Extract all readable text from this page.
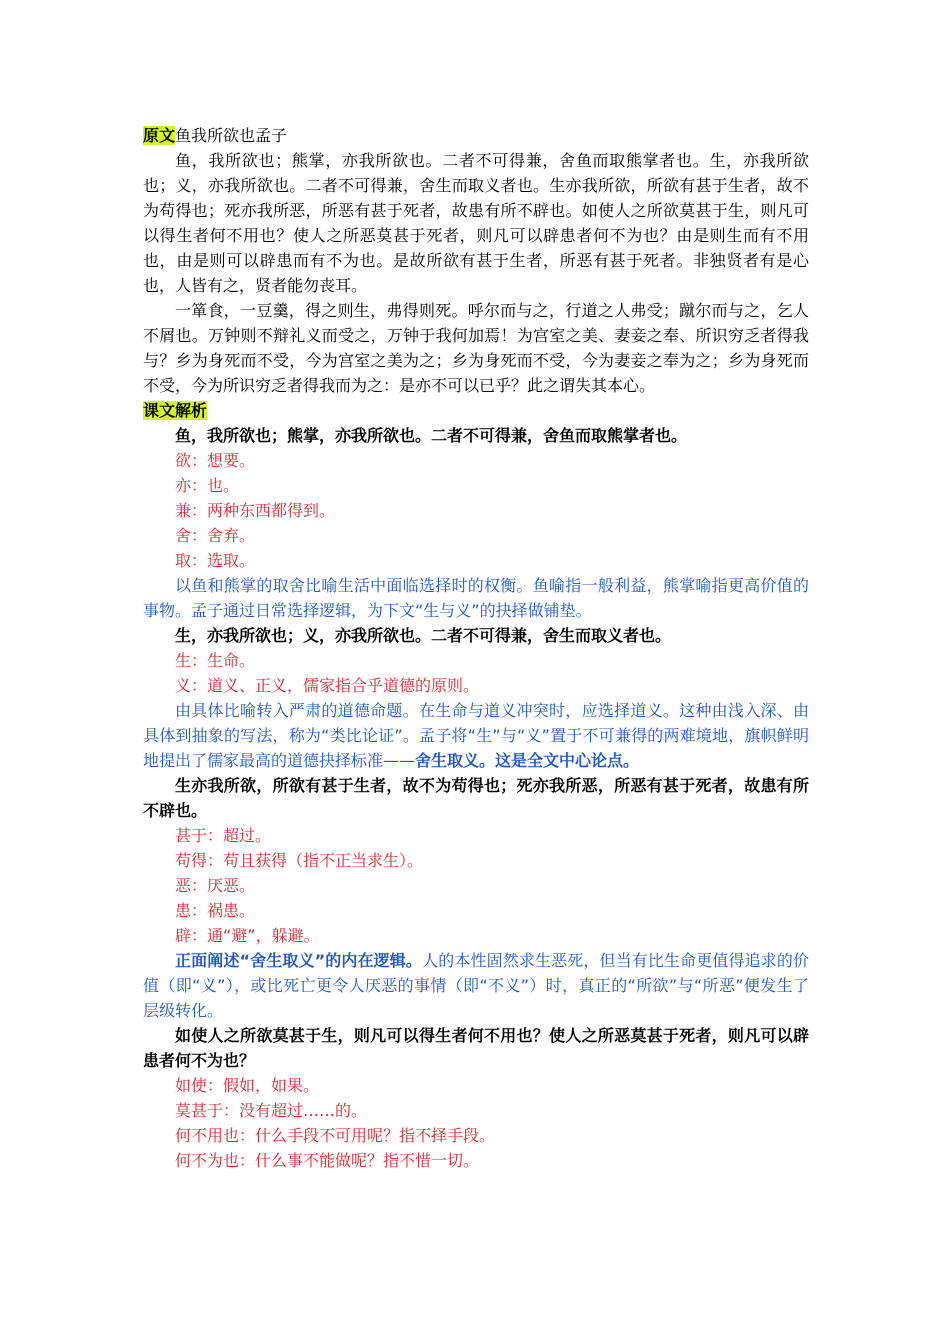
原文鱼我所欲也孟子

鱼，我所欲也；熊掌，亦我所欲也。二者不可得兼，舍鱼而取熊掌者也。生，亦我所欲也；义，亦我所欲也。二者不可得兼，舍生而取义者也。生亦我所欲，所欲有甚于生者，故不为苟得也；死亦我所恶，所恶有甚于死者，故患有所不辟也。如使人之所欲莫甚于生，则凡可以得生者何不用也？使人之所恶莫甚于死者，则凡可以辟患者何不为也？由是则生而有不用也，由是则可以辟患而有不为也。是故所欲有甚于生者，所恶有甚于死者。非独贤者有是心也，人皆有之，贤者能勿丧耳。

一箪食，一豆羹，得之则生，弗得则死。呼尔而与之，行道之人弗受；蹴尔而与之，乞人不屑也。万钟则不辩礼义而受之，万钟于我何加焉！为宫室之美、妻妾之奉、所识穷乏者得我与？乡为身死而不受，今为宫室之美为之；乡为身死而不受，今为妻妾之奉为之；乡为身死而不受，今为所识穷乏者得我而为之：是亦不可以已乎？此之谓失其本心。

课文解析

鱼，我所欲也；熊掌，亦我所欲也。二者不可得兼，舍鱼而取熊掌者也。

欲：想要。

亦：也。

兼：两种东西都得到。

舍：舍弃。

取：选取。

以鱼和熊掌的取舍比喻生活中面临选择时的权衡。鱼喻指一般利益，熊掌喻指更高价值的事物。孟子通过日常选择逻辑，为下文“生与义”的抉择做铺垫。

生，亦我所欲也；义，亦我所欲也。二者不可得兼，舍生而取义者也。

生：生命。

义：道义、正义，儒家指合乎道德的原则。

由具体比喻转入严肃的道德命题。在生命与道义冲突时，应选择道义。这种由浅入深、由具体到抽象的写法，称为“类比论证”。孟子将“生”与“义”置于不可兼得的两难境地，旗帜鲜明地提出了儒家最高的道德抉择标准——舍生取义。这是全文中心论点。

生亦我所欲，所欲有甚于生者，故不为苟得也；死亦我所恶，所恶有甚于死者，故患有所不辟也。

甚于：超过。

苟得：苟且获得（指不正当求生）。

恶：厌恶。

患：祸患。

辟：通“避”，躲避。

正面阐述“舍生取义”的内在逻辑。人的本性固然求生恶死，但当有比生命更值得追求的价值（即“义”），或比死亡更令人厌恶的事情（即“不义”）时，真正的“所欲”与“所恶”便发生了层级转化。

如使人之所欲莫甚于生，则凡可以得生者何不用也？使人之所恶莫甚于死者，则凡可以辟患者何不为也？

如使：假如，如果。

莫甚于：没有超过……的。

何不用也：什么手段不可用呢？指不择手段。

何不为也：什么事不能做呢？指不惜一切。
